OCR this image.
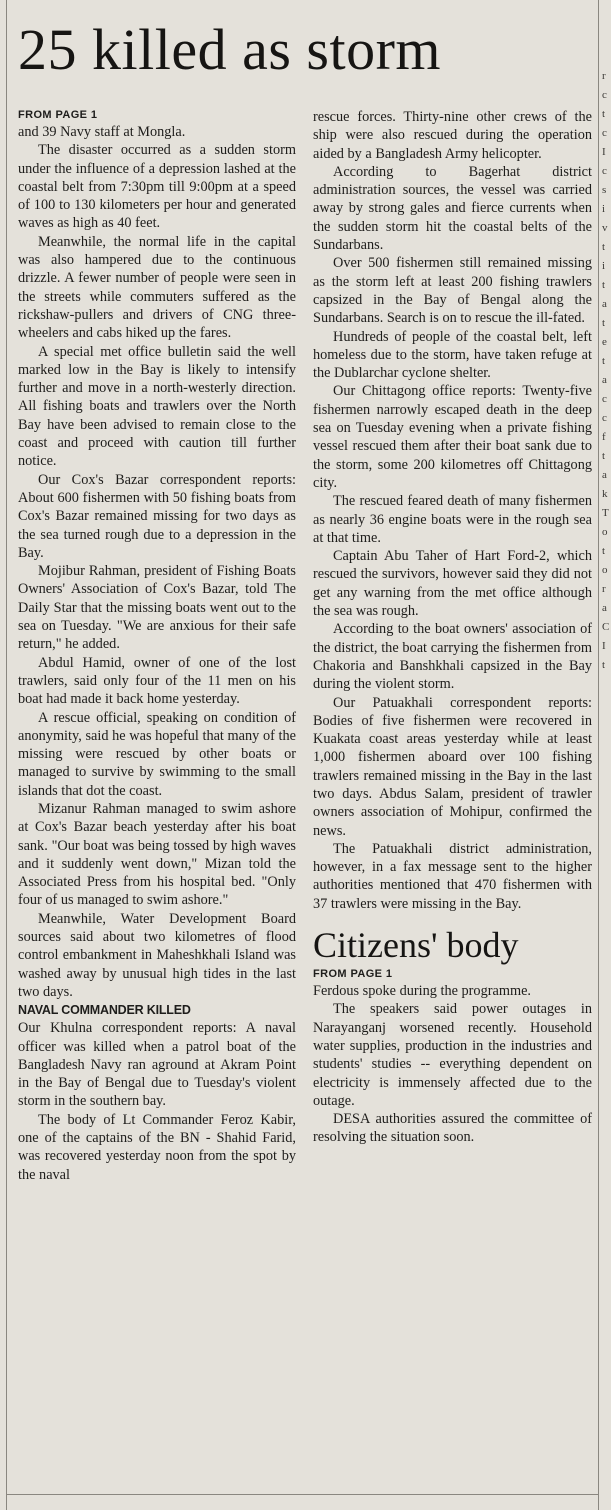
25 killed as storm
FROM PAGE 1

and 39 Navy staff at Mongla.

The disaster occurred as a sudden storm under the influence of a depression lashed at the coastal belt from 7:30pm till 9:00pm at a speed of 100 to 130 kilometers per hour and generated waves as high as 40 feet.

Meanwhile, the normal life in the capital was also hampered due to the continuous drizzle. A fewer number of people were seen in the streets while commuters suffered as the rickshaw-pullers and drivers of CNG three-wheelers and cabs hiked up the fares.

A special met office bulletin said the well marked low in the Bay is likely to intensify further and move in a north-westerly direction. All fishing boats and trawlers over the North Bay have been advised to remain close to the coast and proceed with caution till further notice.

Our Cox's Bazar correspondent reports: About 600 fishermen with 50 fishing boats from Cox's Bazar remained missing for two days as the sea turned rough due to a depression in the Bay.

Mojibur Rahman, president of Fishing Boats Owners' Association of Cox's Bazar, told The Daily Star that the missing boats went out to the sea on Tuesday. "We are anxious for their safe return," he added.

Abdul Hamid, owner of one of the lost trawlers, said only four of the 11 men on his boat had made it back home yesterday.

A rescue official, speaking on condition of anonymity, said he was hopeful that many of the missing were rescued by other boats or managed to survive by swimming to the small islands that dot the coast.

Mizanur Rahman managed to swim ashore at Cox's Bazar beach yesterday after his boat sank. "Our boat was being tossed by high waves and it suddenly went down," Mizan told the Associated Press from his hospital bed. "Only four of us managed to swim ashore."

Meanwhile, Water Development Board sources said about two kilometres of flood control embankment in Maheshkhali Island was washed away by unusual high tides in the last two days.

NAVAL COMMANDER KILLED

Our Khulna correspondent reports: A naval officer was killed when a patrol boat of the Bangladesh Navy ran aground at Akram Point in the Bay of Bengal due to Tuesday's violent storm in the southern bay.

The body of Lt Commander Feroz Kabir, one of the captains of the BN - Shahid Farid, was recovered yesterday noon from the spot by the naval

rescue forces. Thirty-nine other crews of the ship were also rescued during the operation aided by a Bangladesh Army helicopter.

According to Bagerhat district administration sources, the vessel was carried away by strong gales and fierce currents when the sudden storm hit the coastal belts of the Sundarbans.

Over 500 fishermen still remained missing as the storm left at least 200 fishing trawlers capsized in the Bay of Bengal along the Sundarbans. Search is on to rescue the ill-fated.

Hundreds of people of the coastal belt, left homeless due to the storm, have taken refuge at the Dublarchar cyclone shelter.

Our Chittagong office reports: Twenty-five fishermen narrowly escaped death in the deep sea on Tuesday evening when a private fishing vessel rescued them after their boat sank due to the storm, some 200 kilometres off Chittagong city.

The rescued feared death of many fishermen as nearly 36 engine boats were in the rough sea at that time.

Captain Abu Taher of Hart Ford-2, which rescued the survivors, however said they did not get any warning from the met office although the sea was rough.

According to the boat owners' association of the district, the boat carrying the fishermen from Chakoria and Banshkhali capsized in the Bay during the violent storm.

Our Patuakhali correspondent reports: Bodies of five fishermen were recovered in Kuakata coast areas yesterday while at least 1,000 fishermen aboard over 100 fishing trawlers remained missing in the Bay in the last two days. Abdus Salam, president of trawler owners association of Mohipur, confirmed the news.

The Patuakhali district administration, however, in a fax message sent to the higher authorities mentioned that 470 fishermen with 37 trawlers were missing in the Bay.

Citizens' body
FROM PAGE 1

Ferdous spoke during the programme.

The speakers said power outages in Narayanganj worsened recently. Household water supplies, production in the industries and students' studies -- everything dependent on electricity is immensely affected due to the outage.

DESA authorities assured the committee of resolving the situation soon.

r
c
t
c
I
c
s
i
v
t
i
t
a
t
e
t
a
c
c
f
t
a
k
T
o
t
o
r
a
C
I
t
